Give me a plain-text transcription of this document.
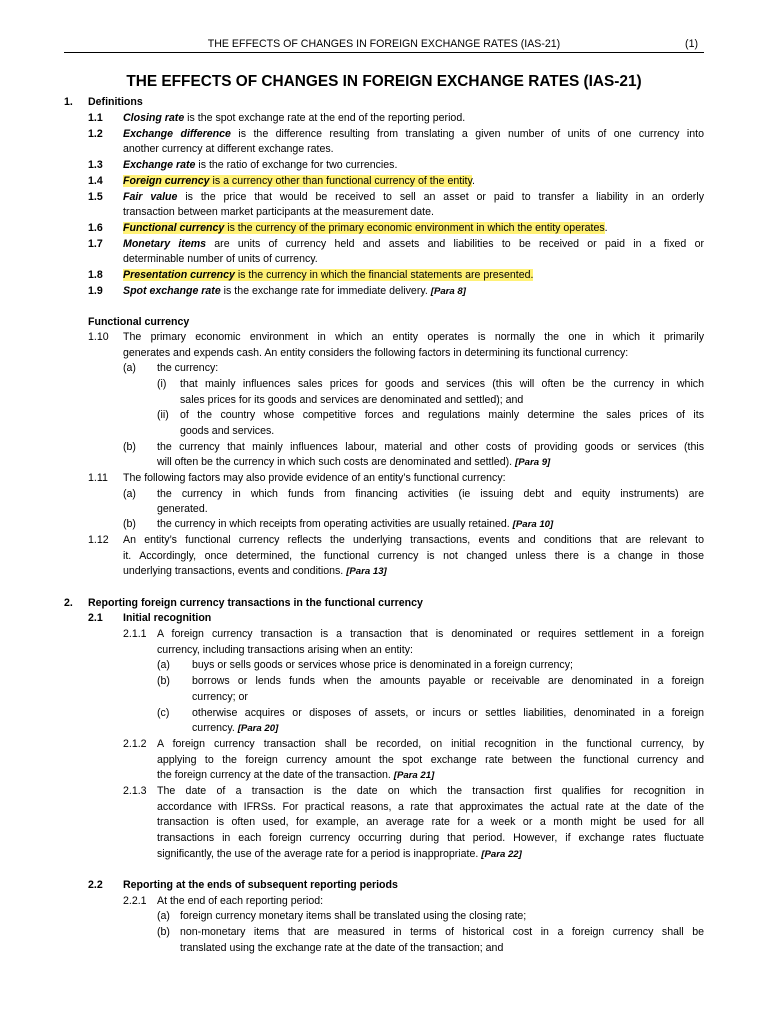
THE EFFECTS OF CHANGES IN FOREIGN EXCHANGE RATES (IAS-21)	(1)
THE EFFECTS OF CHANGES IN FOREIGN EXCHANGE RATES (IAS-21)
1. Definitions
1.1 Closing rate is the spot exchange rate at the end of the reporting period.
1.2 Exchange difference is the difference resulting from translating a given number of units of one currency into
another currency at different exchange rates.
1.3 Exchange rate is the ratio of exchange for two currencies.
1.4 Foreign currency is a currency other than functional currency of the entity.
1.5 Fair value is the price that would be received to sell an asset or paid to transfer a liability in an orderly
transaction between market participants at the measurement date.
1.6 Functional currency is the currency of the primary economic environment in which the entity operates.
1.7 Monetary items are units of currency held and assets and liabilities to be received or paid in a fixed or
determinable number of units of currency.
1.8 Presentation currency is the currency in which the financial statements are presented.
1.9 Spot exchange rate is the exchange rate for immediate delivery. [Para 8]
Functional currency
1.10 The primary economic environment in which an entity operates is normally the one in which it primarily
generates and expends cash. An entity considers the following factors in determining its functional currency:
(a) the currency:
(i) that mainly influences sales prices for goods and services (this will often be the currency in which
sales prices for its goods and services are denominated and settled); and
(ii) of the country whose competitive forces and regulations mainly determine the sales prices of its
goods and services.
(b) the currency that mainly influences labour, material and other costs of providing goods or services (this
will often be the currency in which such costs are denominated and settled). [Para 9]
1.11 The following factors may also provide evidence of an entity’s functional currency:
(a) the currency in which funds from financing activities (ie issuing debt and equity instruments) are
generated.
(b) the currency in which receipts from operating activities are usually retained. [Para 10]
1.12 An entity’s functional currency reflects the underlying transactions, events and conditions that are relevant to
it. Accordingly, once determined, the functional currency is not changed unless there is a change in those
underlying transactions, events and conditions. [Para 13]
2. Reporting foreign currency transactions in the functional currency
2.1 Initial recognition
2.1.1 A foreign currency transaction is a transaction that is denominated or requires settlement in a foreign
currency, including transactions arising when an entity:
(a) buys or sells goods or services whose price is denominated in a foreign currency;
(b) borrows or lends funds when the amounts payable or receivable are denominated in a foreign
currency; or
(c) otherwise acquires or disposes of assets, or incurs or settles liabilities, denominated in a foreign
currency. [Para 20]
2.1.2 A foreign currency transaction shall be recorded, on initial recognition in the functional currency, by
applying to the foreign currency amount the spot exchange rate between the functional currency and
the foreign currency at the date of the transaction. [Para 21]
2.1.3 The date of a transaction is the date on which the transaction first qualifies for recognition in
accordance with IFRSs. For practical reasons, a rate that approximates the actual rate at the date of the
transaction is often used, for example, an average rate for a week or a month might be used for all
transactions in each foreign currency occurring during that period. However, if exchange rates fluctuate
significantly, the use of the average rate for a period is inappropriate. [Para 22]
2.2 Reporting at the ends of subsequent reporting periods
2.2.1 At the end of each reporting period:
(a) foreign currency monetary items shall be translated using the closing rate;
(b) non-monetary items that are measured in terms of historical cost in a foreign currency shall be
translated using the exchange rate at the date of the transaction; and
